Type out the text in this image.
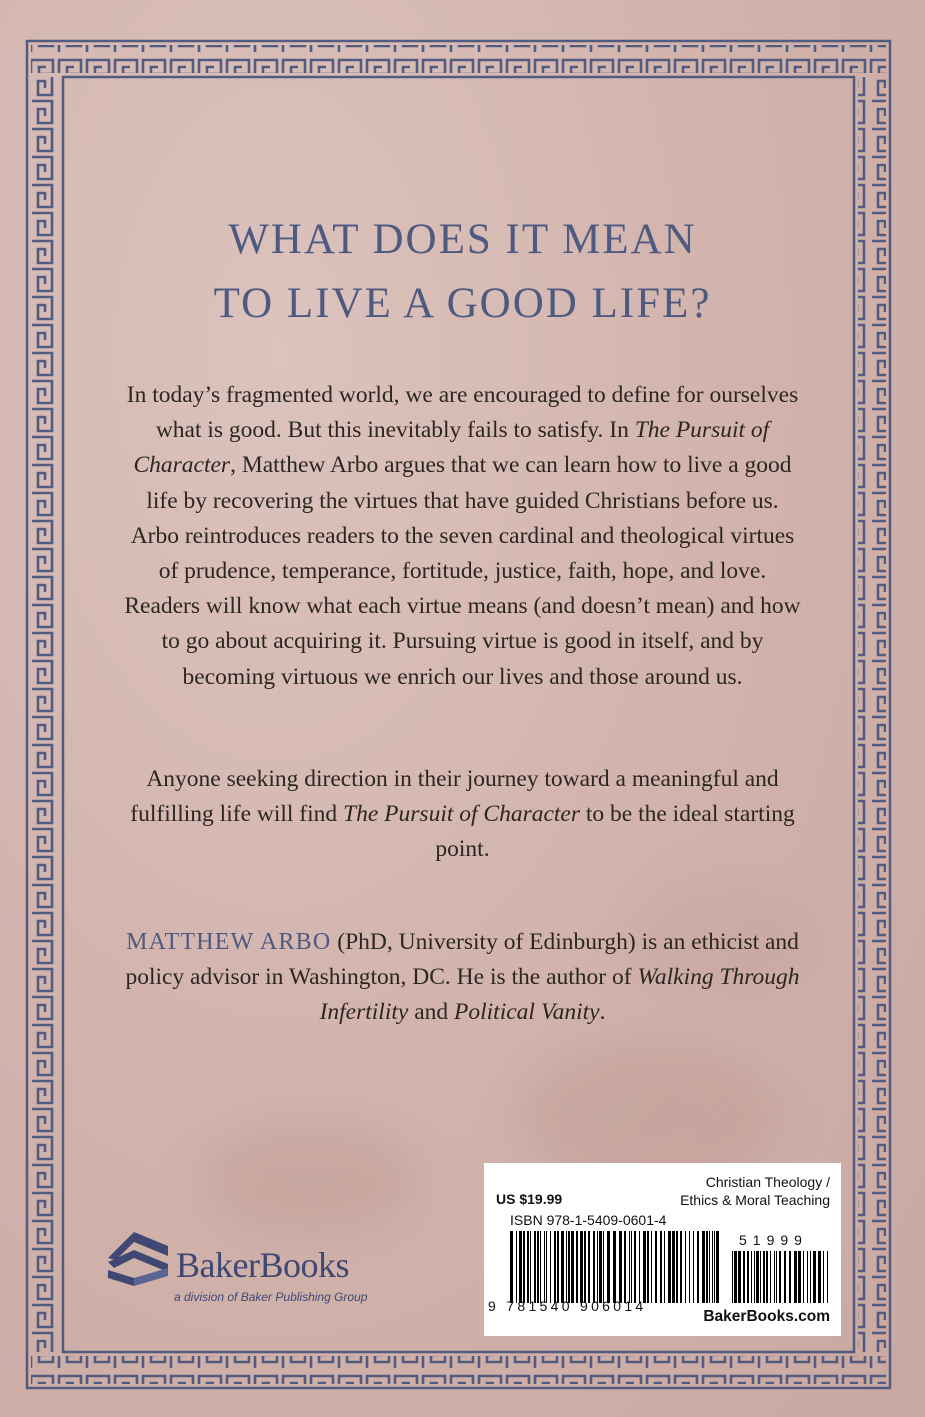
WHAT DOES IT MEAN
TO LIVE A GOOD LIFE?
In today’s fragmented world, we are encouraged to define for ourselves what is good. But this inevitably fails to satisfy. In The Pursuit of Character, Matthew Arbo argues that we can learn how to live a good life by recovering the virtues that have guided Christians before us. Arbo reintroduces readers to the seven cardinal and theological virtues of prudence, temperance, fortitude, justice, faith, hope, and love. Readers will know what each virtue means (and doesn’t mean) and how to go about acquiring it. Pursuing virtue is good in itself, and by becoming virtuous we enrich our lives and those around us.
Anyone seeking direction in their journey toward a meaningful and fulfilling life will find The Pursuit of Character to be the ideal starting point.
MATTHEW ARBO (PhD, University of Edinburgh) is an ethicist and policy advisor in Washington, DC. He is the author of Walking Through Infertility and Political Vanity.
BakerBooks
a division of Baker Publishing Group
US $19.99
Christian Theology /
Ethics & Moral Teaching
ISBN 978-1-5409-0601-4
51999
9 781540 906014
BakerBooks.com
